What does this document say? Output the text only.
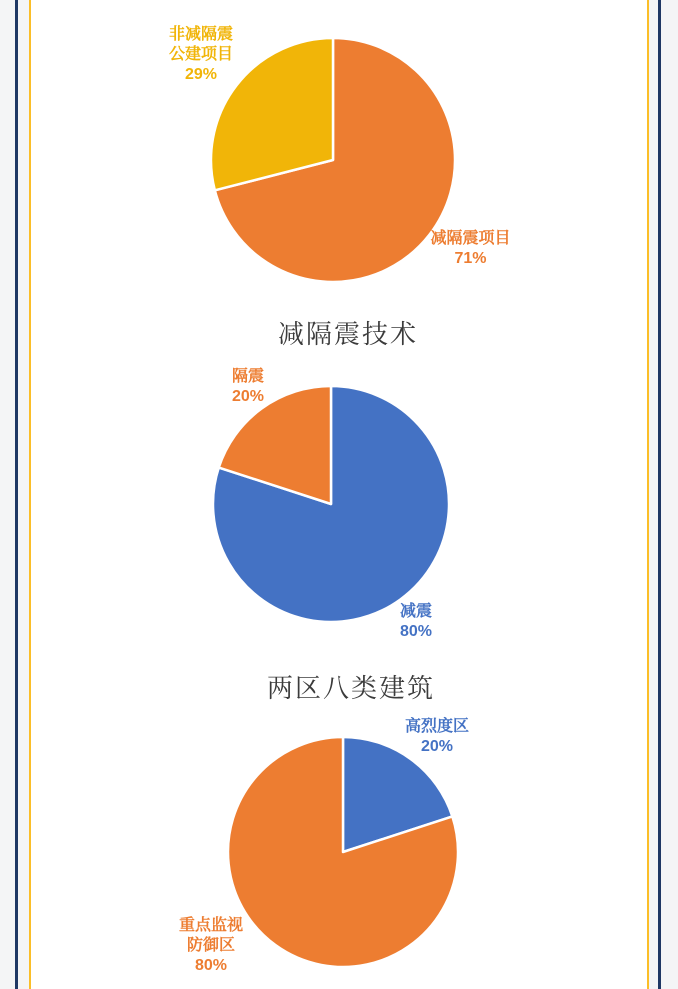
非减隔震
公建项目
29%
减隔震项目
71%
减隔震技术
隔震
20%
减震
80%
两区八类建筑
高烈度区
20%
重点监视
防御区
80%
